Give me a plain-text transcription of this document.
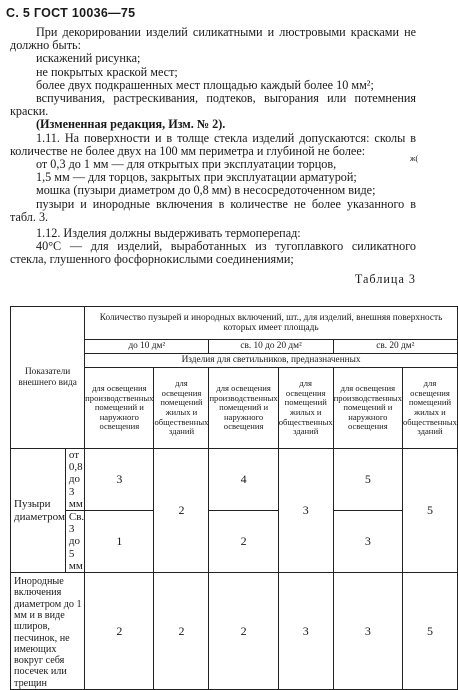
С. 5 ГОСТ 10036—75
ж(

При декорировании изделий силикатными и люстровыми красками не должно быть:

искажений рисунка;

не покрытых краской мест;

более двух подкрашенных мест площадью каждый более 10 мм²;

вспучивания, растрескивания, подтеков, выгорания или потемнения краски.

(Измененная редакция, Изм. № 2).

1.11. На поверхности и в толще стекла изделий допускаются: сколы в количестве не более двух на 100 мм периметра и глубиной не более:

от 0,3 до 1 мм — для открытых при эксплуатации торцов,

1,5 мм — для торцов, закрытых при эксплуатации арматурой;

мошка (пузыри диаметром до 0,8 мм) в несосредоточенном виде;

пузыри и инородные включения в количестве не более указанного в табл. 3.

1.12. Изделия должны выдерживать термоперепад:

40°С — для изделий, выработанных из тугоплавкого силикатного стекла, глушенного фосфорнокислыми соединениями;

Таблица 3

Показатели внешнего вида		Количество пузырей и инородных включений, шт., для изделий, внешняя поверхность которых имеет площадь					
		до 10 дм²		св. 10 до 20 дм²		св. 20 дм²	
		Изделия для светильников, предназначенных					
		для освещения производственных помещений и наружного освещения	для освещения помещений жилых и общественных зданий	для освещения производственных помещений и наружного освещения	для освещения помещений жилых и общественных зданий	для освещения производственных помещений и наружного освещения	для освещения помещений жилых и общественных зданий
Пузыри диаметром	от 0,8 до 3 мм	3	2	4	3	5	5
	Св. 3 до 5 мм	1		2		3	
Инородные включения диаметром до 1 мм и в виде шлиров, песчинок, не имеющих вокруг себя посечек или трещин		2	2	2	3	3	5
